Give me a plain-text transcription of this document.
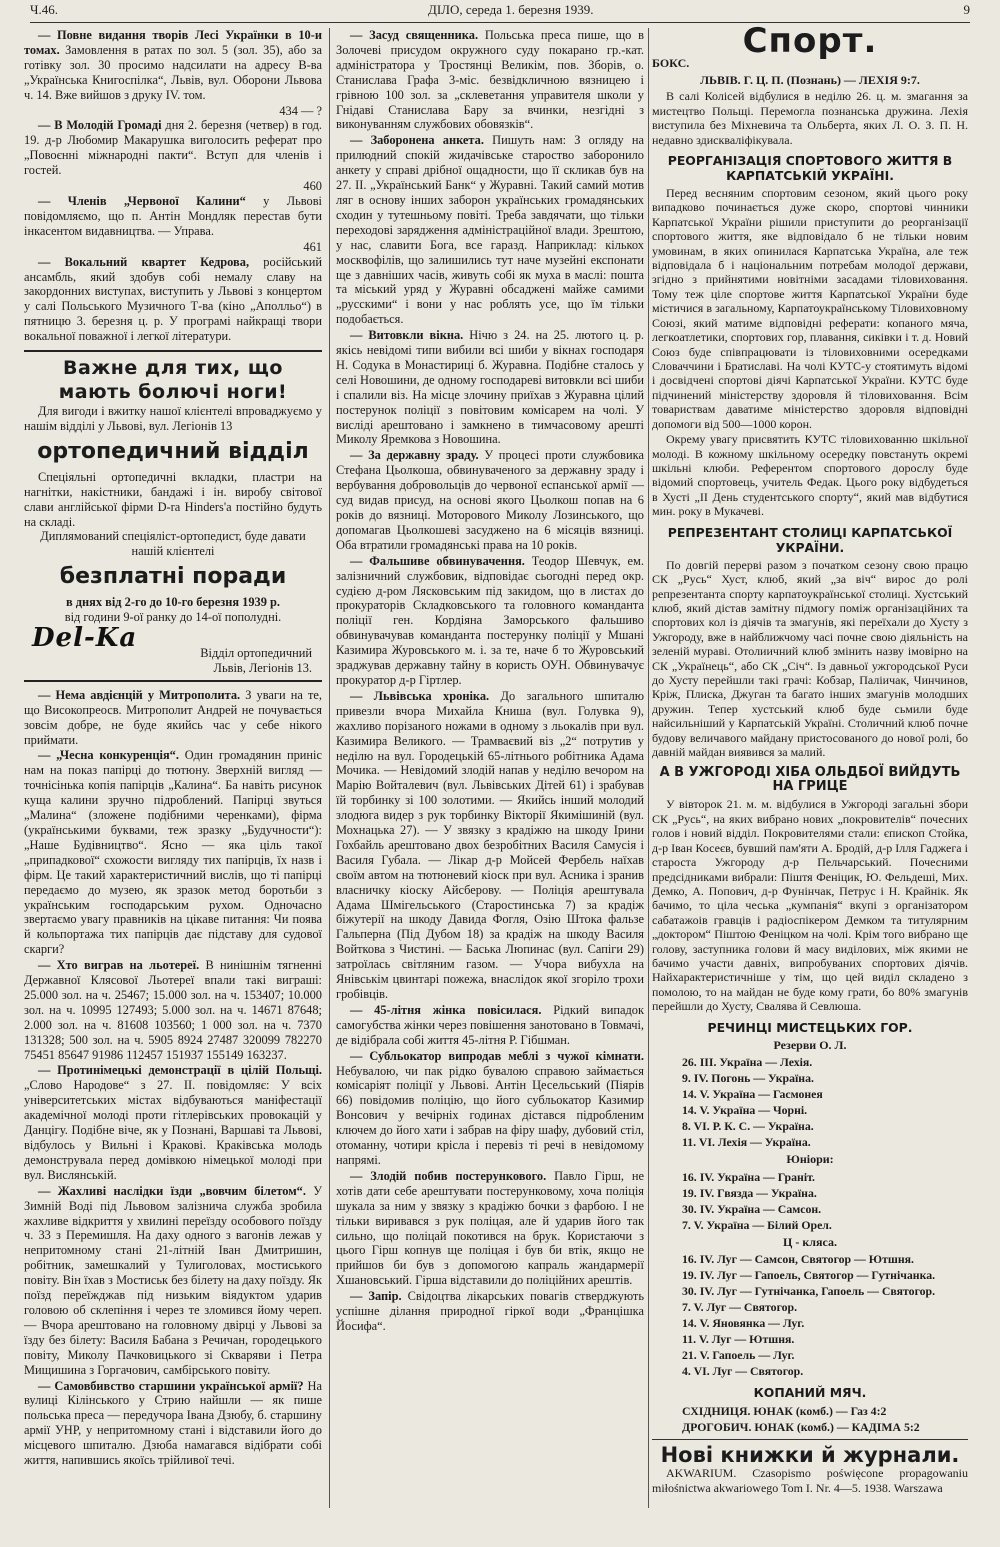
Ч.46.	ДІЛО, середа 1. березня 1939.	9

— Повне видання творів Лесі Українки в 10-и томах. Замовлення в ратах по зол. 5 (зол. 35), або за готівку зол. 30 просимо надсилати на адресу В-ва „Українська Книгоспілка“, Львів, вул. Оборони Львова ч. 14. Вже вийшов з друку IV. том.

434 — ?

— В Молодій Громаді дня 2. березня (четвер) в год. 19. д-р Любомир Макарушка виголосить реферат про „Повоєнні міжнародні пакти“. Вступ для членів і гостей.

460

— Членів „Червоної Калини“ у Львові повідомляємо, що п. Антін Мондляк перестав бути інкасентом видавництва. — Управа.

461

— Вокальний квартет Кедрова, російський ансамбль, який здобув собі немалу славу на закордонних виступах, виступить у Львові з концертом у салі Польського Музичного Т-ва (кіно „Аполльо“) в пятницю 3. березня ц. р. У програмі найкращі твори вокальної поважної і легкої літератури.

Важне для тих, що мають болючі ноги!
Для вигоди і вжитку нашої клієнтелі впроваджуємо у нашім відділі у Львові, вул. Легіонів 13
ортопедичний відділ
Спеціяльні ортопедичні вкладки, пластри на нагнітки, накістники, бандажі і ін. виробу світової слави англійської фірми D-ra Hinders'a постійно будуть на складі.
Диплямований спеціяліст-ортопедист, буде давати нашій клієнтелі
безплатні поради
в днях від 2-го до 10-го березня 1939 р.
від години 9-ої ранку до 14-ої пополудні.
Del-Ka	Відділ ортопедичний
Львів, Легіонів 13.

— Нема авдієнцій у Митрополита. З уваги на те, що Високопреосв. Митрополит Андрей не почувається зовсім добре, не буде якийсь час у себе нікого приймати.

— „Чесна конкуренція“. Один громадянин приніс нам на показ папірці до тютюну. Зверхній вигляд — точнісінька копія папірців „Калина“. Ба навіть рисунок куща калини зручно підроблений. Папірці звуться „Малина“ (зложене подібними черенками), фірма (українськими буквами, теж зразку „Будучности“): „Наше Будівництво“. Ясно — яка ціль такої „припадкової“ схожости вигляду тих папірців, їх назв і фірм. Це такий характеристичний вислів, що ті папірці передаємо до музею, як зразок метод боротьби з українським господарським рухом. Одночасно звертаємо увагу правників на цікаве питання: Чи поява й кольпортажа тих папірців дає підставу для судової скарги?

— Хто виграв на льотереї. В нинішнім тягненні Державної Клясової Льотереї впали такі виграші: 25.000 зол. на ч. 25467; 15.000 зол. на ч. 153407; 10.000 зол. на ч. 10995 127493; 5.000 зол. на ч. 14671 87648; 2.000 зол. на ч. 81608 103560; 1 000 зол. на ч. 7370 131328; 500 зол. на ч. 5905 8924 27487 320099 782270 75451 85647 91986 112457 151937 155149 163237.

— Протинімецькі демонстрації в цілій Польщі. „Слово Народове“ з 27. II. повідомляє: У всіх університетських містах відбуваються маніфестації академічної молоді проти гітлерівських провокацій у Данцігу. Подібне віче, як у Познані, Варшаві та Львові, відбулось у Вильні і Кракові. Краківська молодь демонструвала перед домівкою німецької молоді при вул. Вислянській.

— Жахливі наслідки їзди „вовчим білетом“. У Зимній Воді під Львовом залізнича служба зробила жахливе відкриття у хвилині переїзду особового поїзду ч. 33 з Перемишля. На даху одного з вагонів лежав у непритомному стані 21-літній Іван Дмитришин, робітник, замешкалий у Тулиголовах, мостиського повіту. Він їхав з Мостиськ без білету на даху поїзду. Як поїзд переїжджав під низьким віядуктом ударив головою об склепіння і через те зломився йому череп. — Вчора арештовано на головному двірці у Львові за їзду без білету: Василя Бабана з Речичан, городецького повіту, Миколу Пачковицького зі Скваряви і Петра Мищишина з Горгачович, самбірського повіту.

— Самовбивство старшини української армії? На вулиці Кілінського у Стрию найшли — як пише польська преса — передучора Івана Дзюбу, б. старшину армії УНР, у непритомному стані і відставили його до місцевого шпиталю. Дзюба намагався відібрати собі життя, напившись якоїсь трійливої течі.

— Засуд священника. Польська преса пише, що в Золочеві присудом окружного суду покарано гр.-кат. адміністратора у Тростянці Великім, пов. Зборів, о. Станислава Графа 3-міс. безвідкличною вязницею і грівною 100 зол. за „склеветання управителя школи у Гнідаві Станислава Бару за вчинки, незгідні з виконуванням службових обовязків“.

— Заборонена анкета. Пишуть нам: З огляду на прилюдний спокій жидачівське староство заборонило анкету у справі дрібної ощадности, що її скликав був на 27. II. „Український Банк“ у Журавні. Такий самий мотив ляг в основу інших заборон українських громадянських сходин у тутешньому повіті. Треба завдячати, що тільки переходові зарядження адміністраційної влади. Зрештою, у нас, славити Бога, все гаразд. Наприклад: кількох москвофілів, що залишились тут наче музейні експонати ще з давніших часів, живуть собі як муха в маслі: пошта та міський уряд у Журавні обсаджені майже самими „русскими“ і вони у нас роблять усе, що їм тільки подобається.

— Витовкли вікна. Нічю з 24. на 25. лютого ц. р. якісь невідомі типи вибили всі шиби у вікнах господаря Н. Содука в Монастириці б. Журавна. Подібне сталось у селі Новошини, де одному господареві витовкли всі шиби і спалили віз. На місце злочину приїхав з Журавна цілий постерунок поліції з повітовим комісарем на чолі. У висліді арештовано і замкнено в тимчасовому арешті Миколу Яремкова з Новошина.

— За державну зраду. У процесі проти службовика Стефана Цьолкоша, обвинуваченого за державну зраду і вербування добровольців до червоної еспанської армії — суд видав присуд, на основі якого Цьолкош попав на 6 років до вязниці. Моторового Миколу Лозинського, що допомагав Цьолкошеві засуджено на 6 місяців вязниці. Оба втратили громадянські права на 10 років.

— Фальшиве обвинувачення. Теодор Шевчук, ем. залізничний службовик, відповідає сьогодні перед окр. судією д-ром Лясковським під закидом, що в листах до прокураторів Складковського та головного команданта поліції ген. Кордіяна Заморського фальшиво обвинувачував команданта постерунку поліції у Мшані Казимира Журовського м. і. за те, наче б то Журовський зраджував державну тайну в користь ОУН. Обвинувачує прокуратор д-р Гіртлер.

— Львівська хроніка. До загального шпиталю привезли вчора Михайла Книша (вул. Голувка 9), жахливо порізаного ножами в одному з льокалів при вул. Казимира Великого. — Трамваєвий віз „2“ потрутив у неділю на вул. Городецькій 65-літнього робітника Адама Мочика. — Невідомий злодій напав у неділю вечором на Марію Войталевич (вул. Львівських Дітей 61) і зрабував їй торбинку зі 100 золотими. — Якийсь інший молодий злодюга видер з рук торбинку Вікторії Якимішиній (вул. Мохнацька 27). — У звязку з крадіжю на шкоду Ірини Гохбайль арештовано двох безробітних Василя Самусія і Василя Губала. — Лікар д-р Мойсей Фербель наїхав своїм автом на тютюневий кіоск при вул. Асника і зранив власничку кіоску Айсберову. — Поліція арештувала Адама Шмігельського (Старостинська 7) за крадіж біжутерії на шкоду Давида Фогля, Озію Штока фальзе Гальперна (Під Дубом 18) за крадіж на шкоду Василя Войткова з Чистині. — Баська Люпинас (вул. Сапіги 29) затроїлась світляним газом. — Учора вибухла на Янівськім цвинтарі пожежа, внаслідок якої згоріло трохи гробівців.

— 45-літня жінка повісилася. Рідкий випадок самогубства жінки через повішення занотовано в Товмачі, де відібрала собі життя 45-літня Р. Гібшман.

— Субльокатор випродав меблі з чужої кімнати. Небувалою, чи пак рідко бувалою справою займається комісаріят поліції у Львові. Антін Цесельський (Піярів 66) повідомив поліцію, що його субльокатор Казимир Вонсович у вечірніх годинах дістався підробленим ключем до його хати і забрав на фіру шафу, дубовий стіл, отоманну, чотири крісла і перевіз ті речі в невідомому напрямі.

— Злодій побив постерункового. Павло Гірш, не хотів дати себе арештувати постерунковому, хоча поліція шукала за ним у звязку з крадіжю бочки з фарбою. І не тільки виривався з рук поліцая, але й ударив його так сильно, що поліцай покотився на брук. Користаючи з цього Гірш копнув ще поліцая і був би втік, якщо не прийшов би був з допомогою капраль жандармерії Хшановський. Гірша відставили до поліційних арештів.

— Запір. Свідоцтва лікарських повагів стверджують успішне ділання природної гіркої води „Францішка Йосифа“.

Спорт.

БОКС.

ЛЬВІВ. Г. Ц. П. (Познань) — ЛЕХІЯ 9:7.

В салі Колісей відбулися в неділю 26. ц. м. змагання за мистецтво Польщі. Перемогла познанська дружина. Лехія виступила без Міхневича та Ольберта, яких Л. О. З. П. Н. недавно здискваліфікувала.

РЕОРГАНІЗАЦІЯ СПОРТОВОГО ЖИТТЯ В КАРПАТСЬКІЙ УКРАЇНІ.

Перед весняним спортовим сезоном, який цього року випадково починається дуже скоро, спортові чинники Карпатської України рішили приступити до реорганізації спортового життя, яке відповідало б не тільки новим умовинам, в яких опинилася Карпатська Україна, але теж відповідала б і національним потребам молодої держави, згідно з прийнятими новітніми засадами тіловиховання. Тому теж ціле спортове життя Карпатської України буде містичися в загальному, Карпатоукраїнському Тіловиховному Союзі, який матиме відповідні реферати: копаного мяча, легкоатлетики, спортових гор, плавання, сиківки і т. д. Новий Союз буде співпрацювати із тіловиховними осередками Словаччини і Братиславі. На чолі КУТС-у стоятимуть відомі і досвідчені спортові діячі Карпатської України. КУТС буде підчинений міністерству здоровля й тіловиховання. Всім товариствам даватиме міністерство здоровля відповідні допомоги від 500—1000 корон.

Окрему увагу присвятить КУТС тіловихованню шкільної молоді. В кожному шкільному осередку повстануть окремі шкільні клюби. Референтом спортового дорослу буде відомий спортовець, учитель Федак. Цього року відбудеться в Хусті „II День студентського спорту“, який мав відбутися мин. року в Мукачеві.

РЕПРЕЗЕНТАНТ СТОЛИЦІ КАРПАТСЬКОЇ УКРАЇНИ.

По довгій перерві разом з початком сезону свою працю СК „Русь“ Хуст, клюб, який „за віч“ вирос до ролі репрезентанта спорту карпатоукраїнської столиці. Хустський клюб, який дістав замітну підмогу поміж організаційних та спортових кол із діячів та змагунів, які переїхали до Хусту з Ужгороду, вже в найближчому часі почне свою діяльність на зеленій мураві. Отолиичний клюб змінить назву імовірно на СК „Українець“, або СК „Січ“. Із давньої ужгородської Руси до Хусту перейшли такі грачі: Кобзар, Паліичак, Чинчинов, Кріж, Плиска, Джуган та багато інших змагунів молодших дружин. Тепер хустський клюб буде сьмили буде найсильніший у Карпатській Україні. Столичний клюб почне будову величавого майдану пристосованого до нової ролі, бо давній майдан виявився за малий.

А В УЖГОРОДІ ХІБА ОЛЬДБОЇ ВИЙДУТЬ НА ГРИЦЕ

У вівторок 21. м. м. відбулися в Ужгороді загальні збори СК „Русь“, на яких вибрано нових „покровителів“ почесних голов і новий відділ. Покровителями стали: єпископ Стойка, д-р Іван Косеєв, бувший пам'яти А. Бродій, д-р Ілля Гаджега і староста Ужгороду д-р Пельчарський. Почесними предсідниками вибрали: Піштя Феніцик, Ю. Фельдеші, Мих. Демко, А. Попович, д-р Фунінчак, Петрус і Н. Крайнік. Як бачимо, то ціла чеська „кумпанія“ вкупі з організатором сабатажоів гравців і радіоспікером Демком та титулярним „доктором“ Піштою Феніцком на чолі. Крім того вибрано ще голову, заступника голови й масу виділових, між якими не бачимо участи давніх, випробуваних спортових діячів. Найхарактеристичніше у тім, що цей виділ складено з помолою, то на майдан не буде кому грати, бо 80% змагунів перейшли до Хусту, Свалява й Севлюша.

РЕЧИНЦІ МИСТЕЦЬКИХ ГОР.
Резерви О. Л.
26. III. Україна — Лехія.
9. IV. Погонь — Україна.
14. V. Україна — Гасмонея
14. V. Україна — Чорні.
8. VI. Р. К. С. — Україна.
11. VI. Лехія — Україна.
Юніори:
16. IV. Україна — Граніт.
19. IV. Гвязда — Україна.
30. IV. Україна — Самсон.
7. V. Україна — Білий Орел.
Ц - кляса.
16. IV. Луг — Самсон, Святогор — Ютшня.
19. IV. Луг — Гапоель, Святогор — Гутнічанка.
30. IV. Луг — Гутнічанка, Гапоель — Святогор.
7. V. Луг — Святогор.
14. V. Яновянка — Луг.
11. V. Луг — Ютшня.
21. V. Гапоель — Луг.
4. VI. Луг — Святогор.
КОПАНИЙ МЯЧ.
СХІДНИЦЯ. ЮНАК (комб.) — Газ 4:2
ДРОГОБИЧ. ЮНАК (комб.) — КАДІМА 5:2
Нові книжки й журнали.

AKWARIUM. Czasopismo poświęcone propagowaniu miłośnictwa akwariowego Tom I. Nr. 4—5. 1938. Warszawa
